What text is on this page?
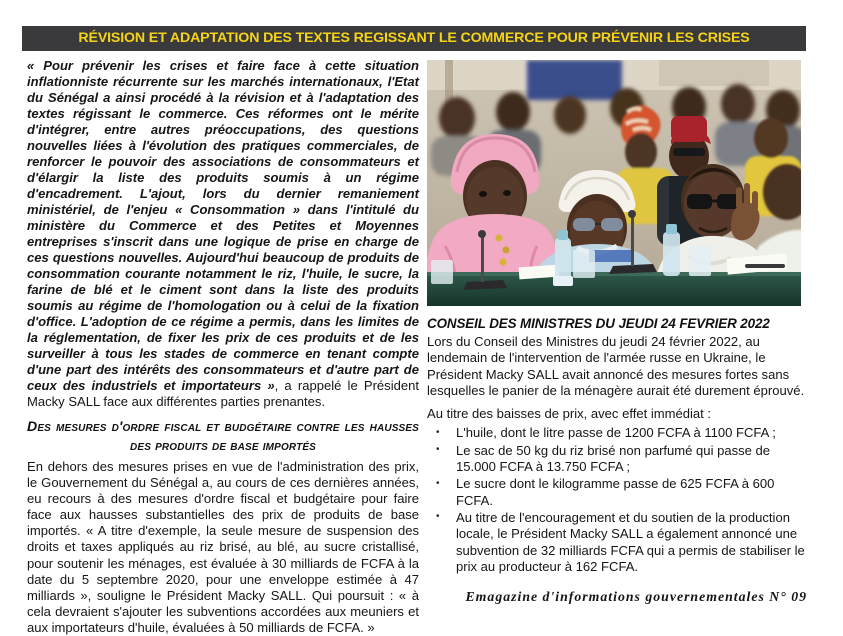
RÉVISION ET ADAPTATION DES TEXTES REGISSANT LE COMMERCE POUR PRÉVENIR LES CRISES

« Pour prévenir les crises et faire face à cette situation inflationniste récurrente sur les marchés internationaux, l'Etat du Sénégal a ainsi procédé à la révision et à l'adaptation des textes régissant le commerce. Ces réformes ont le mérite d'intégrer, entre autres préoccupations, des questions nouvelles liées à l'évolution des pratiques commerciales, de renforcer le pouvoir des associations de consommateurs et d'élargir la liste des produits soumis à un régime d'encadrement. L'ajout, lors du dernier remaniement ministériel, de l'enjeu « Consommation » dans l'intitulé du ministère du Commerce et des Petites et Moyennes entreprises s'inscrit dans une logique de prise en charge de ces questions nouvelles. Aujourd'hui beaucoup de produits de consommation courante notamment le riz, l'huile, le sucre, la farine de blé et le ciment sont dans la liste des produits soumis au régime de l'homologation ou à celui de la fixation d'office. L'adoption de ce régime a permis, dans les limites de la réglementation, de fixer les prix de ces produits et de les surveiller à tous les stades de commerce en tenant compte d'une part des intérêts des consommateurs et d'autre part de ceux des industriels et importateurs », a rappelé le Président Macky SALL face aux différentes parties prenantes.

Des mesures d'ordre fiscal et budgétaire contre les hausses des produits de base importés

En dehors des mesures prises en vue de l'administration des prix, le Gouvernement du Sénégal a, au cours de ces dernières années, eu recours à des mesures d'ordre fiscal et budgétaire pour faire face aux hausses substantielles des prix de produits de base importés. « A titre d'exemple, la seule mesure de suspension des droits et taxes appliqués au riz brisé, au blé, au sucre cristallisé, pour soutenir les ménages, est évaluée à 30 milliards de FCFA à la date du 5 septembre 2020, pour une enveloppe estimée à 47 milliards », souligne le Président Macky SALL. Qui poursuit : « à cela devraient s'ajouter les subventions accordées aux meuniers et aux importateurs d'huile, évaluées à 50 milliards de FCFA. »

CONSEIL DES MINISTRES DU JEUDI 24 FEVRIER 2022

Lors du Conseil des Ministres du jeudi 24 février 2022, au lendemain de l'intervention de l'armée russe en Ukraine, le Président Macky SALL avait annoncé des mesures fortes sans lesquelles le panier de la ménagère aurait été durement éprouvé.

Au titre des baisses de prix, avec effet immédiat :

• L'huile, dont le litre passe de 1200 FCFA à 1100 FCFA ;
• Le sac de 50 kg du riz brisé non parfumé qui passe de 15.000 FCFA à 13.750 FCFA ;
• Le sucre dont le kilogramme passe de 625 FCFA à 600 FCFA.
• Au titre de l'encouragement et du soutien de la production locale, le Président Macky SALL a également annoncé une subvention de 32 milliards FCFA qui a permis de stabiliser le prix au producteur à 162 FCFA.
Emagazine d'informations gouvernementales N° 09
